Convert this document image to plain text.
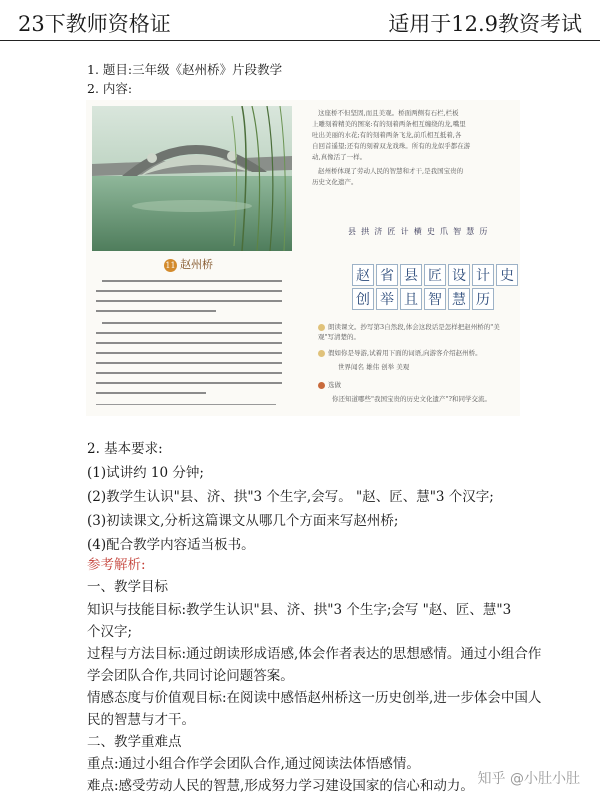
23下教师资格证	适用于12.9教资考试
1. 题目:三年级《赵州桥》片段教学
2. 内容:
11 赵州桥
这座桥不但坚固,而且美观。桥面两侧有石栏,栏板
上雕刻着精美的图案:有的刻着两条相互缠绕的龙,嘴里
吐出美丽的水花;有的刻着两条飞龙,前爪相互抵着,各
自回首遥望;还有的刻着双龙戏珠。所有的龙似乎都在游
动,真像活了一样。
赵州桥体现了劳动人民的智慧和才干,是我国宝贵的
历史文化遗产。
县 拱 济 匠 计 横 史 爪 智 慧 历
赵 省 县 匠 设 计 史
创 举 且 智 慧 历
朗读课文。抄写第3自然段,体会这段话是怎样把赵州桥的"美观"写清楚的。
假如你是导游,试着用下面的词语,向游客介绍赵州桥。
世界闻名 雄伟 创举 美观
选做
你还知道哪些"我国宝贵的历史文化遗产"?和同学交流。
2. 基本要求:
(1)试讲约 10 分钟;
(2)教学生认识"县、济、拱"3 个生字,会写。 "赵、匠、慧"3 个汉字;
(3)初读课文,分析这篇课文从哪几个方面来写赵州桥;
(4)配合教学内容适当板书。
参考解析:
一、教学目标
知识与技能目标:教学生认识"县、济、拱"3 个生字;会写 "赵、匠、慧"3
个汉字;
过程与方法目标:通过朗读形成语感,体会作者表达的思想感情。通过小组合作
学会团队合作,共同讨论问题答案。
情感态度与价值观目标:在阅读中感悟赵州桥这一历史创举,进一步体会中国人
民的智慧与才干。
二、教学重难点
重点:通过小组合作学会团队合作,通过阅读法体悟感情。
难点:感受劳动人民的智慧,形成努力学习建设国家的信心和动力。 知乎 @小肚小肚
